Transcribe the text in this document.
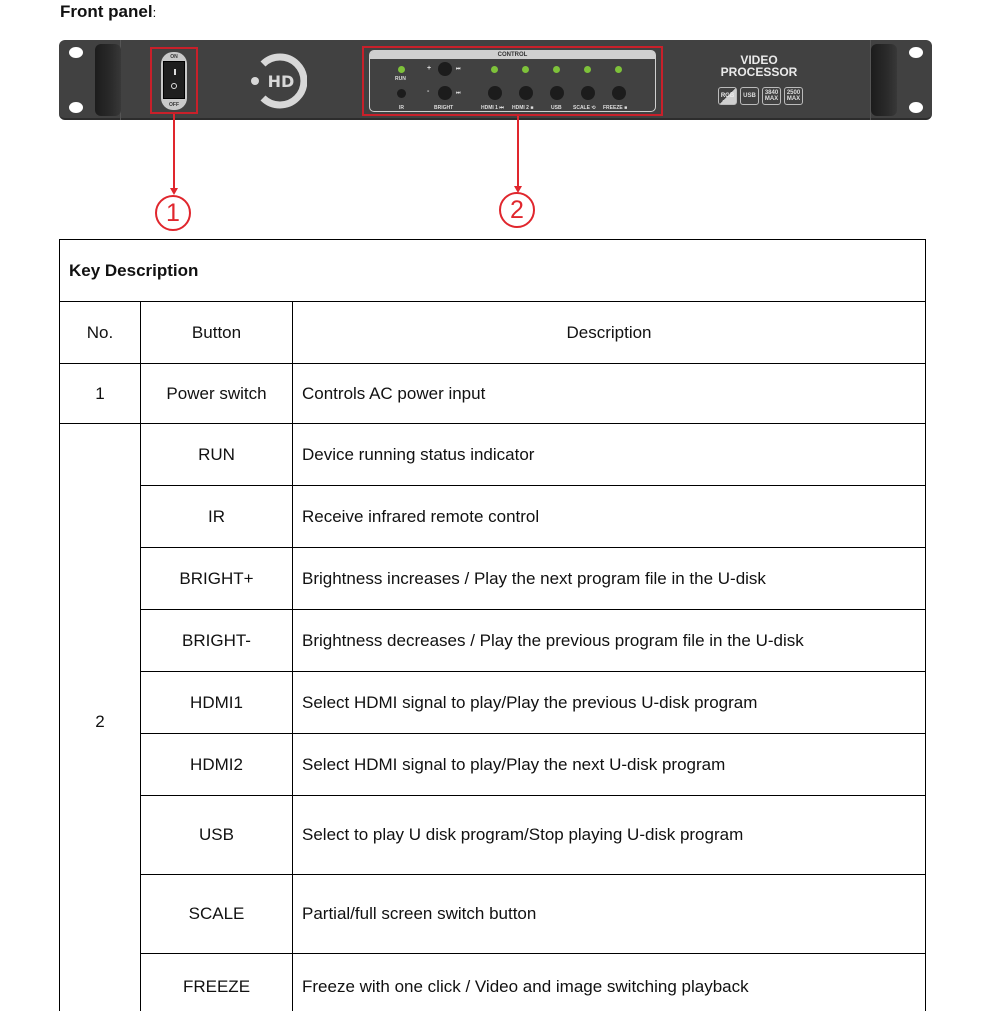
Front panel:
ON
OFF
HD
CONTROL
RUN
IR
+	⏮
-	⏭
BRIGHT	HDMI 1 ⏮ HDMI 2 ■	USB SCALE ⟲ FREEZE ■
VIDEO
PROCESSOR
RGB	USB	3840 MAX
2500 MAX
1	2
Key Description		
No.	Button	Description
1	Power switch	Controls AC power input
2	RUN	Device running status indicator
	IR	Receive infrared remote control
	BRIGHT+	Brightness increases / Play the next program file in the U-disk
	BRIGHT-	Brightness decreases / Play the previous program file in the U-disk
	HDMI1	Select HDMI signal to play/Play the previous U-disk program
	HDMI2	Select HDMI signal to play/Play the next U-disk program
	USB	Select to play U disk program/Stop playing U-disk program
	SCALE	Partial/full screen switch button
	FREEZE	Freeze with one click / Video and image switching playback
